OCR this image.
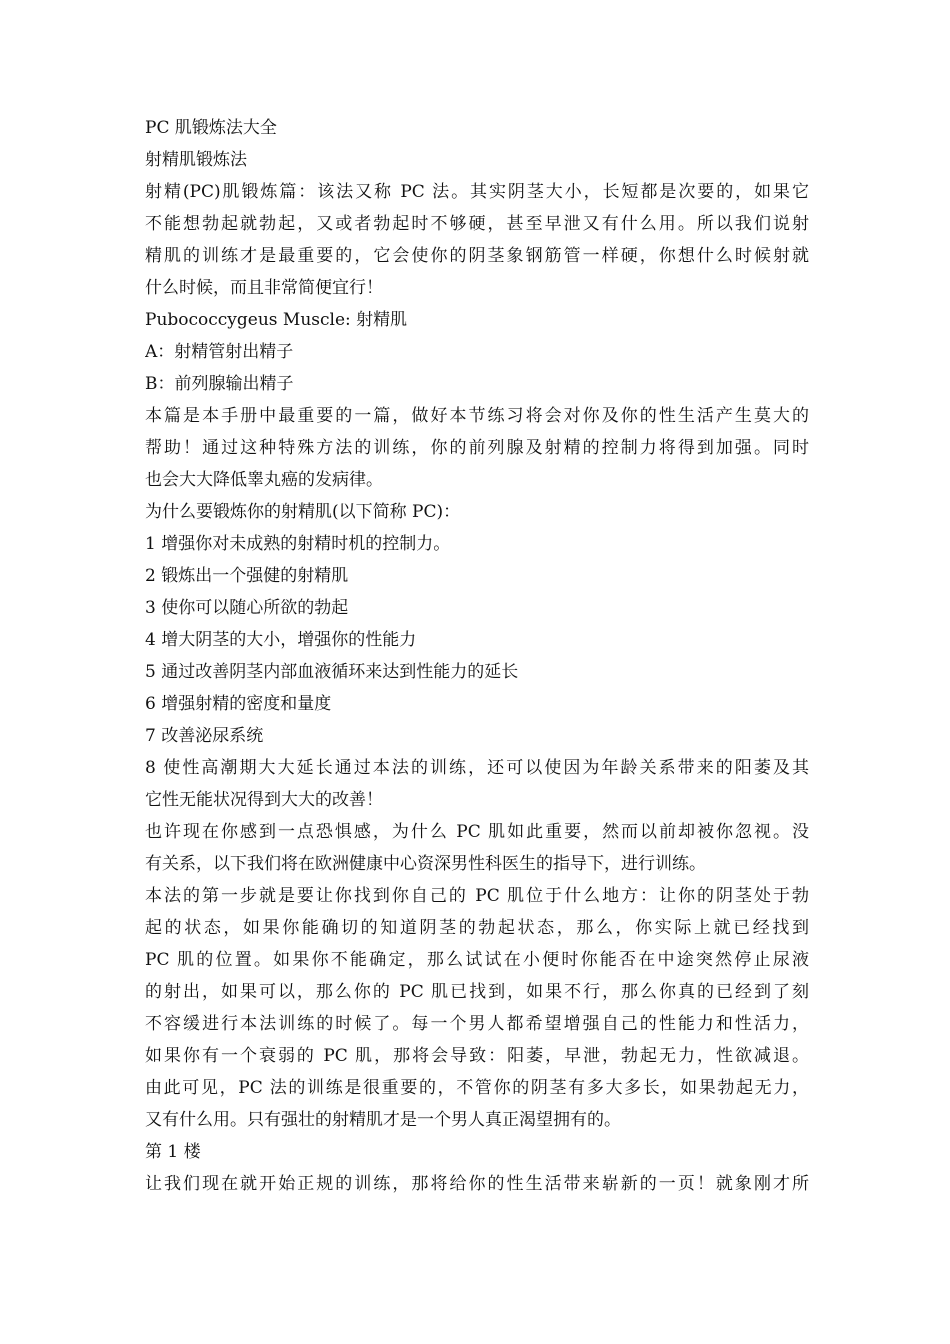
PC 肌锻炼法大全
射精肌锻炼法
射精(PC)肌锻炼篇：该法又称 PC 法。其实阴茎大小，长短都是次要的，如果它
不能想勃起就勃起，又或者勃起时不够硬，甚至早泄又有什么用。所以我们说射
精肌的训练才是最重要的，它会使你的阴茎象钢筋管一样硬，你想什么时候射就
什么时候，而且非常简便宜行！
Pubococcygeus Muscle: 射精肌
A：射精管射出精子
B：前列腺输出精子
本篇是本手册中最重要的一篇，做好本节练习将会对你及你的性生活产生莫大的
帮助！通过这种特殊方法的训练，你的前列腺及射精的控制力将得到加强。同时
也会大大降低睾丸癌的发病律。
为什么要锻炼你的射精肌(以下简称 PC)：
1 增强你对未成熟的射精时机的控制力。
2 锻炼出一个强健的射精肌
3 使你可以随心所欲的勃起
4 增大阴茎的大小，增强你的性能力
5 通过改善阴茎内部血液循环来达到性能力的延长
6 增强射精的密度和量度
7 改善泌尿系统
8 使性高潮期大大延长通过本法的训练，还可以使因为年龄关系带来的阳萎及其
它性无能状况得到大大的改善！
也许现在你感到一点恐惧感，为什么 PC 肌如此重要，然而以前却被你忽视。没
有关系，以下我们将在欧洲健康中心资深男性科医生的指导下，进行训练。
本法的第一步就是要让你找到你自己的 PC 肌位于什么地方：让你的阴茎处于勃
起的状态，如果你能确切的知道阴茎的勃起状态，那么，你实际上就已经找到
PC 肌的位置。如果你不能确定，那么试试在小便时你能否在中途突然停止尿液
的射出，如果可以，那么你的 PC 肌已找到，如果不行，那么你真的已经到了刻
不容缓进行本法训练的时候了。每一个男人都希望增强自己的性能力和性活力，
如果你有一个衰弱的 PC 肌，那将会导致：阳萎，早泄，勃起无力，性欲减退。
由此可见，PC 法的训练是很重要的，不管你的阴茎有多大多长，如果勃起无力，
又有什么用。只有强壮的射精肌才是一个男人真正渴望拥有的。
第 1 楼
让我们现在就开始正规的训练，那将给你的性生活带来崭新的一页！就象刚才所
